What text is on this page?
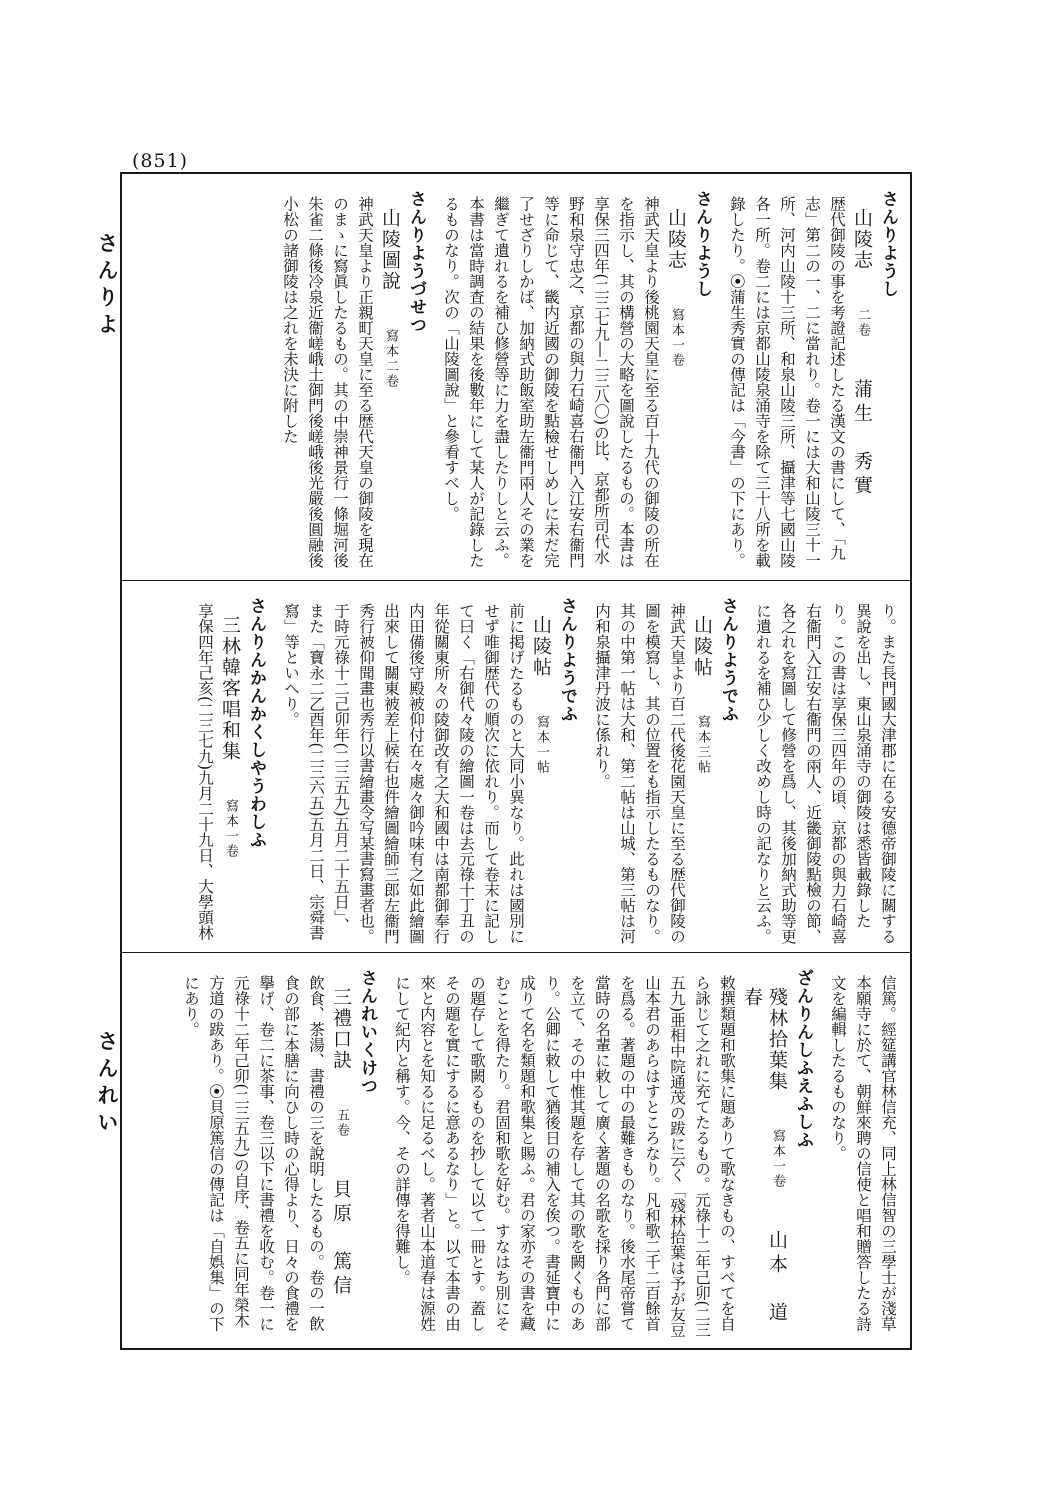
(851)
さんりよ
さんれい
さんりようし
山陵志　二卷　蒲生　秀實
歴代御陵の事を考證記述したる漢文の書にして、「九志」第二の一、二に當れり。卷一には大和山陵三十一所、河内山陵十三所、和泉山陵三所、攝津等七國山陵各一所。卷二には京都山陵泉涌寺を除て三十八所を載錄したり。⦿蒲生秀實の傳記は「今書」の下にあり。
さんりようし
山陵志　寫本一卷
神武天皇より後桃園天皇に至る百十九代の御陵の所在を指示し、其の構營の大略を圖說したるもの。本書は享保三四年(二三七九―二三八〇)の比、京都所司代水野和泉守忠之、京都の與力石崎喜右衞門入江安右衞門等に命じて、畿内近國の御陵を點檢せしめしに未だ完了せざりしかば、加納式助飯室助左衞門兩人その業を繼ぎて遺れるを補ひ修營等に力を盡したりしと云ふ。本書は當時調査の結果を後數年にして某人が記錄したるものなり。次の「山陵圖說」と參看すべし。
さんりようづせつ
山陵圖說　寫本二卷
神武天皇より正親町天皇に至る歴代天皇の御陵を現在のまゝに寫眞したるもの。其の中崇神景行一條堀河後朱雀二條後冷泉近衞嵯峨土御門後嵯峨後光嚴後圓融後小松の諸御陵は之れを未決に附した
り。また長門國大津郡に在る安德帝御陵に關する異說を出し、東山泉涌寺の御陵は悉皆載錄したり。この書は享保三四年の頃、京都の與力石崎喜右衞門入江安右衞門の兩人、近畿御陵點檢の節、各之れを寫圖して修營を爲し、其後加納式助等更に遺れるを補ひ少しく改めし時の記なりと云ふ。
さんりようでふ
山陵帖　寫本三帖
神武天皇より百二代後花園天皇に至る歴代御陵の圖を模寫し、其の位置をも指示したるものなり。其の中第一帖は大和、第二帖は山城、第三帖は河内和泉攝津丹波に係れり。
さんりようでふ
山陵帖　寫本一帖
前に掲げたるものと大同小異なり。此れは國別にせず唯御歴代の順次に依れり。而して卷末に記して曰く「右御代々陵の繪圖一卷は去元祿十丁丑の年從關東所々の陵御改有之大和國中は南都御奉行内田備後守殿被仰付在々處々御吟味有之如此繪圖出來して關東被差上候右也件繪圖繪師三郎左衞門秀行被仰聞畫也秀行以書繪畫令写某書寫畫者也。于時元祿十二己卯年(二三五九)五月二十五日」、また「寶永二乙酉年(二三六五)五月二日、宗舜書寫」等といへり。
さんりんかんかくしやうわしふ
三林韓客唱和集　寫本一卷
享保四年己亥(二三七九)九月二十九日、大學頭林
信篤。經筵講官林信充、同上林信智の三學士が淺草本願寺に於て、朝鮮來聘の信使と唱和贈答したる詩文を編輯したるものなり。
ざんりんしふえふしふ
殘林拾葉集　寫本一卷　山本　道春
敕撰類題和歌集に題ありて歌なきもの、すべてを自ら詠じて之れに充てたるもの。元祿十二年己卯(二三五九)亜相中院通茂の跋に云く「殘林拾葉は予が友豆山本君のあらはすところなり。凡和歌二千二百餘首を爲る。著題の中の最難きものなり。後水尾帝嘗て當時の名輩に敕して廣く著題の名歌を採り各門に部を立て、その中惟其題を存して其の歌を闕くものあり。公卿に敕して猶後日の補入を俟つ。書延寶中に成りて名を類題和歌集と賜ふ。君の家亦その書を藏むことを得たり。君固和歌を好む。すなはち別にその題存して歌闕るものを抄して以て一冊とす。蓋しその題を實にするに意あるなり」と。以て本書の由來と内容とを知るに足るべし。著者山本道春は源姓にして紀内と稱す。今、その詳傳を得難し。
さんれいくけつ
三禮口訣　五卷　貝原　篤信
飲食、茶湯、書禮の三を說明したるもの。卷の一飲食の部に本膳に向ひし時の心得より、日々の食禮を擧げ、卷二に茶事、卷三以下に書禮を收む。卷一に元祿十二年己卯(二三五九)の自序、卷五に同年榮木方道の跋あり。⦿貝原篤信の傳記は「自娯集」の下にあり。
